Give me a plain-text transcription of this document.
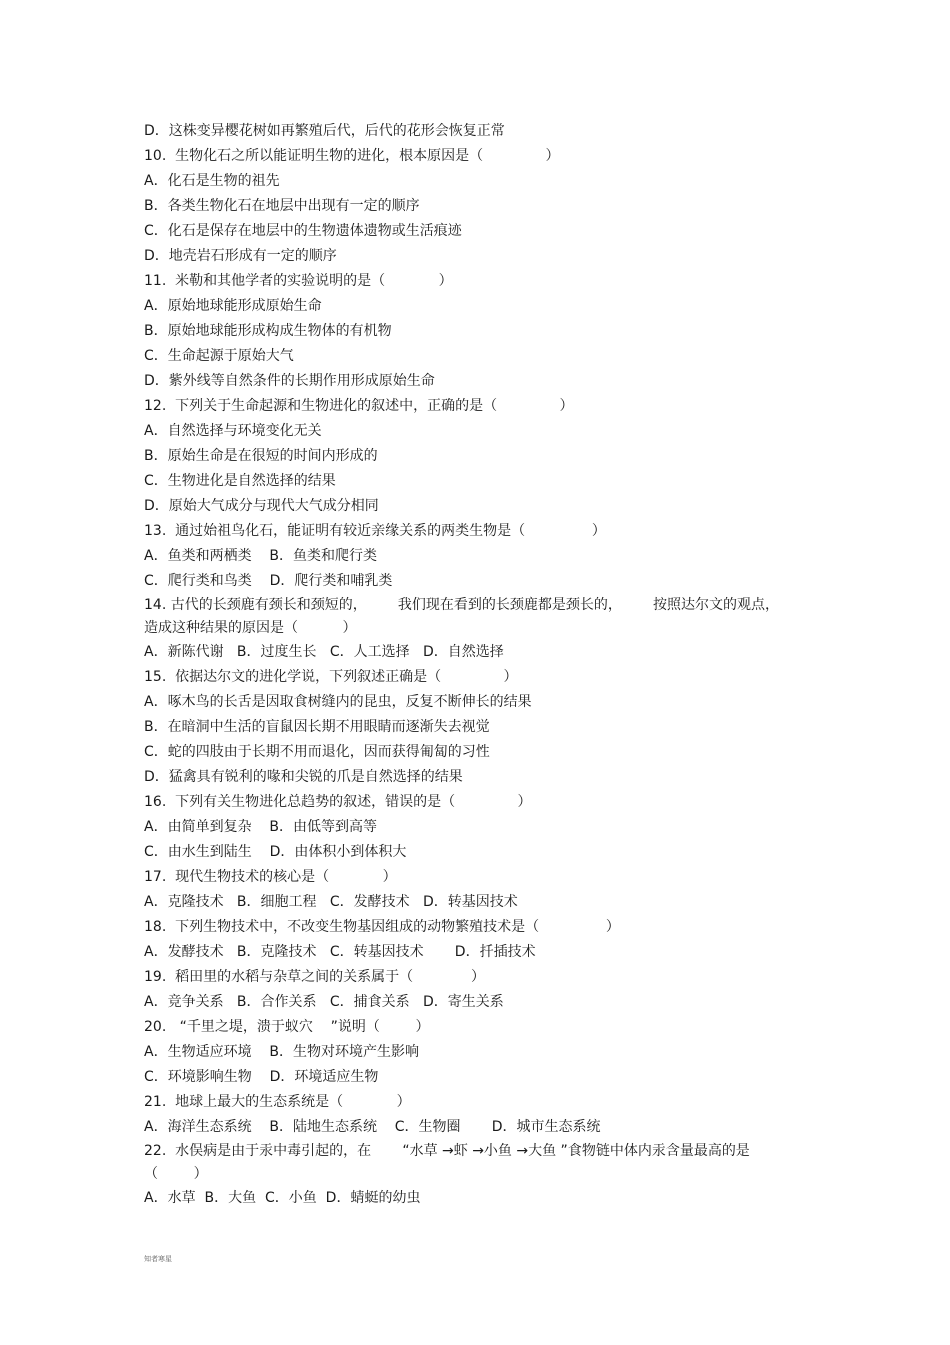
D．这株变异樱花树如再繁殖后代，后代的花形会恢复正常
10.  生物化石之所以能证明生物的进化，根本原因是（              ）
A．化石是生物的祖先
B．各类生物化石在地层中出现有一定的顺序
C．化石是保存在地层中的生物遗体遗物或生活痕迹
D．地壳岩石形成有一定的顺序
11.  米勒和其他学者的实验说明的是（            ）
A．原始地球能形成原始生命
B．原始地球能形成构成生物体的有机物
C．生命起源于原始大气
D．紫外线等自然条件的长期作用形成原始生命
12.  下列关于生命起源和生物进化的叙述中，正确的是（              ）
A．自然选择与环境变化无关
B．原始生命是在很短的时间内形成的
C．生物进化是自然选择的结果
D．原始大气成分与现代大气成分相同
13.  通过始祖鸟化石，能证明有较近亲缘关系的两类生物是（               ）
A．鱼类和两栖类    B．鱼类和爬行类
C．爬行类和鸟类    D．爬行类和哺乳类
14. 古代的长颈鹿有颈长和颈短的，       我们现在看到的长颈鹿都是颈长的，       按照达尔文的观点，
造成这种结果的原因是（          ）
A．新陈代谢   B．过度生长   C．人工选择   D．自然选择
15.  依据达尔文的进化学说，下列叙述正确是（              ）
A．啄木鸟的长舌是因取食树缝内的昆虫，反复不断伸长的结果
B．在暗洞中生活的盲鼠因长期不用眼睛而逐渐失去视觉
C．蛇的四肢由于长期不用而退化，因而获得匍匐的习性
D．猛禽具有锐利的喙和尖锐的爪是自然选择的结果
16.  下列有关生物进化总趋势的叙述，错误的是（              ）
A．由简单到复杂    B．由低等到高等
C．由水生到陆生    D．由体积小到体积大
17.  现代生物技术的核心是（            ）
A．克隆技术   B．细胞工程   C．发酵技术   D．转基因技术
18.  下列生物技术中，不改变生物基因组成的动物繁殖技术是（               ）
A．发酵技术   B．克隆技术   C．转基因技术       D．扦插技术
19.  稻田里的水稻与杂草之间的关系属于（             ）
A．竞争关系   B．合作关系   C．捕食关系   D．寄生关系
20.   “千里之堤，溃于蚁穴    ”说明（        ）
A．生物适应环境    B．生物对环境产生影响
C．环境影响生物    D．环境适应生物
21.  地球上最大的生态系统是（            ）
A．海洋生态系统    B．陆地生态系统    C．生物圈       D．城市生态系统
22.  水俣病是由于汞中毒引起的，在       “水草 →虾 →小鱼 →大鱼 ”食物链中体内汞含量最高的是
（        ）
A．水草  B．大鱼  C．小鱼  D．蜻蜓的幼虫
知者寒星
